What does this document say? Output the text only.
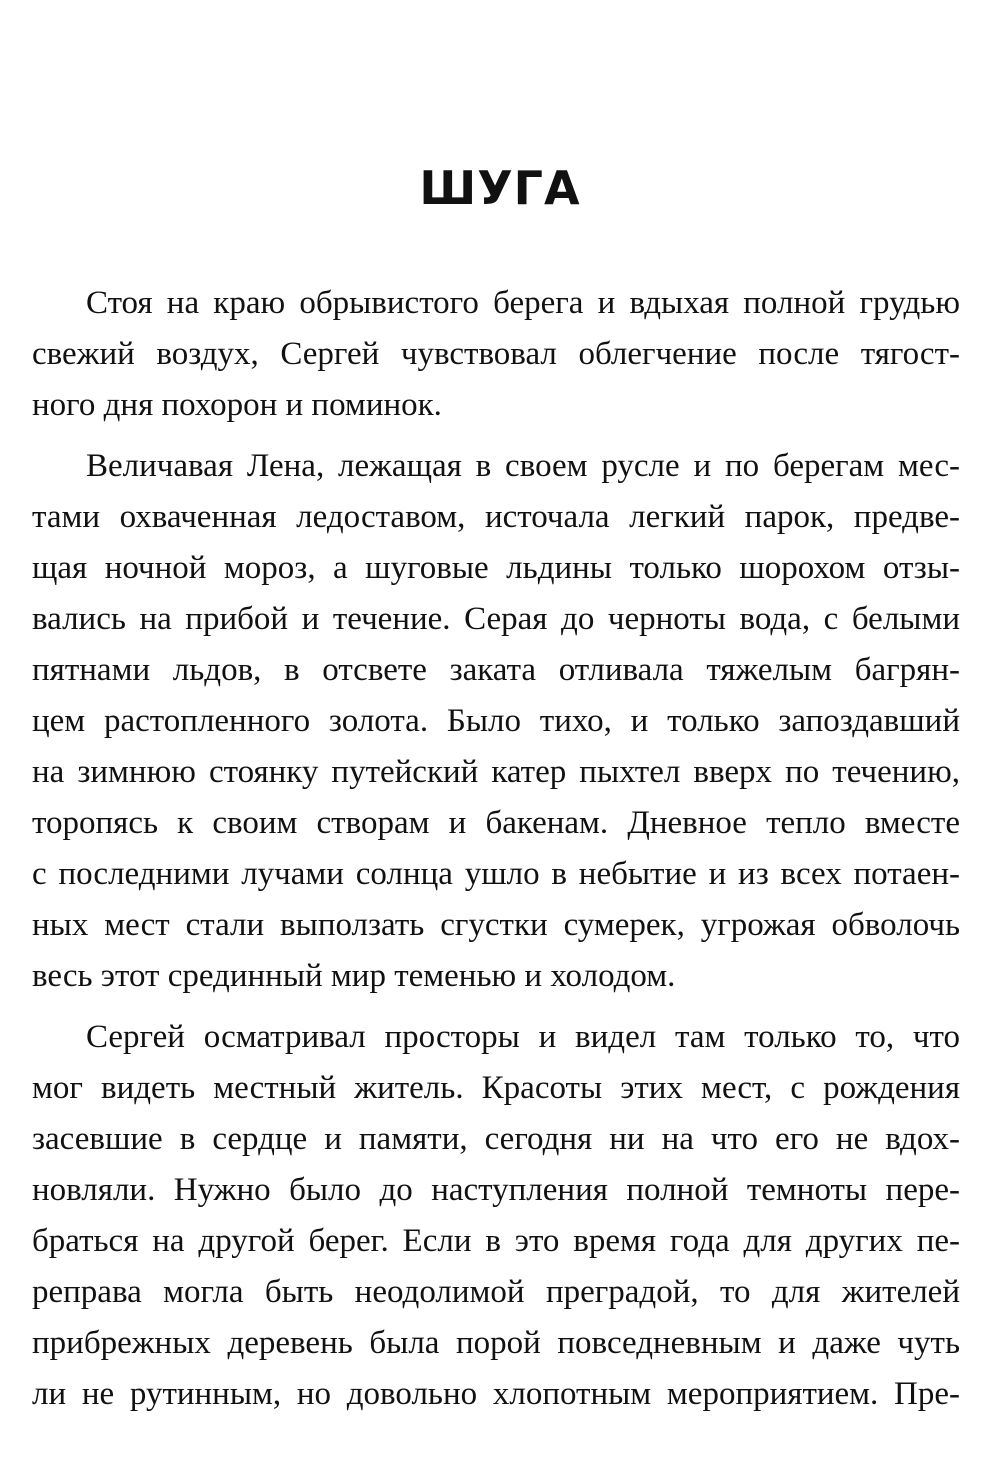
ШУГА

Стоя на краю обрывистого берега и вдыхая полной грудью
свежий воздух, Сергей чувствовал облегчение после тягост-
ного дня похорон и поминок.

Величавая Лена, лежащая в своем русле и по берегам мес-
тами охваченная ледоставом, источала легкий парок, предве-
щая ночной мороз, а шуговые льдины только шорохом отзы-
вались на прибой и течение. Серая до черноты вода, с белыми
пятнами льдов, в отсвете заката отливала тяжелым багрян-
цем растопленного золота. Было тихо, и только запоздавший
на зимнюю стоянку путейский катер пыхтел вверх по течению,
торопясь к своим створам и бакенам. Дневное тепло вместе
с последними лучами солнца ушло в небытие и из всех потаен-
ных мест стали выползать сгустки сумерек, угрожая обволочь
весь этот срединный мир теменью и холодом.

Сергей осматривал просторы и видел там только то, что
мог видеть местный житель. Красоты этих мест, с рождения
засевшие в сердце и памяти, сегодня ни на что его не вдох-
новляли. Нужно было до наступления полной темноты пере-
браться на другой берег. Если в это время года для других пе-
реправа могла быть неодолимой преградой, то для жителей
прибрежных деревень была порой повседневным и даже чуть
ли не рутинным, но довольно хлопотным мероприятием. Пре-
